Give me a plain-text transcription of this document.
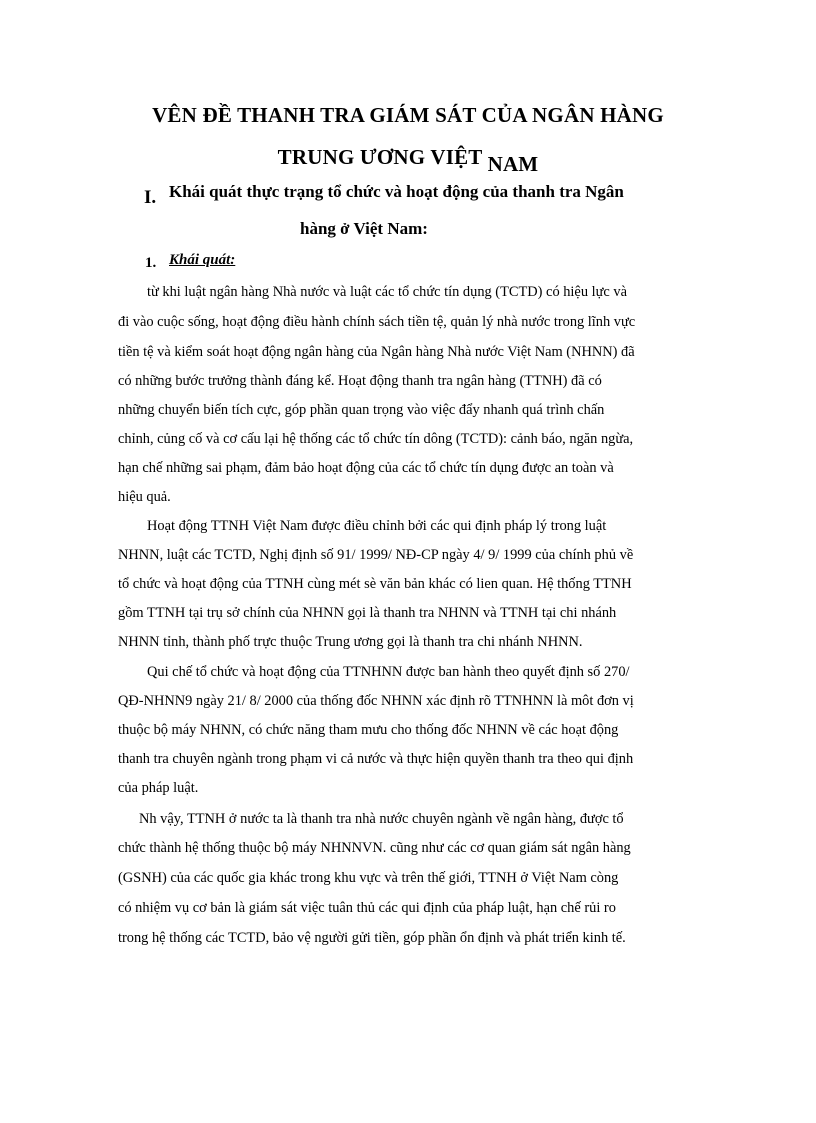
VÊN ĐỀ THANH TRA GIÁM SÁT CỦA NGÂN HÀNG
TRUNG ƯƠNG VIỆT NAM
I. Khái quát thực trạng tổ chức và hoạt động của thanh tra Ngân
hàng ở Việt Nam:
1. Khái quát:
từ khi luật ngân hàng Nhà nước và luật các tổ chức tín dụng (TCTD) có hiệu lực và
đi vào cuộc sống, hoạt động điều hành chính sách tiền tệ, quản lý nhà nước trong lĩnh vực
tiền tệ và kiểm soát hoạt động ngân hàng của Ngân hàng Nhà nước Việt Nam (NHNN) đã
có những bước trưởng thành đáng kể. Hoạt động thanh tra ngân hàng (TTNH) đã có
những chuyển biến tích cực, góp phần quan trọng vào việc đẩy nhanh quá trình chấn
chỉnh, củng cố và cơ cấu lại hệ thống các tổ chức tín dông (TCTD): cảnh báo, ngăn ngừa,
hạn chế những sai phạm, đảm bảo hoạt động của các tổ chức tín dụng được an toàn và
hiệu quả.
Hoạt động TTNH Việt Nam được điều chỉnh bởi các qui định pháp lý trong luật
NHNN, luật các TCTD, Nghị định số 91/ 1999/ NĐ-CP ngày 4/ 9/ 1999 của chính phủ về
tổ chức và hoạt động của TTNH cùng mét sè văn bản khác có lien quan. Hệ thống TTNH
gồm TTNH tại trụ sở chính của NHNN gọi là thanh tra NHNN và TTNH tại chi nhánh
NHNN tỉnh, thành phố trực thuộc Trung ương gọi là thanh tra chi nhánh NHNN.
Qui chế tổ chức và hoạt động của TTNHNN được ban hành theo quyết định số 270/
QĐ-NHNN9 ngày 21/ 8/ 2000 của thống đốc NHNN xác định rõ TTNHNN là môt đơn vị
thuộc bộ máy NHNN, có chức năng tham mưu cho thống đốc NHNN về các hoạt động
thanh tra chuyên ngành trong phạm vi cả nước và thực hiện quyền thanh tra theo qui định
của pháp luật.
Nh vậy, TTNH ở nước ta là thanh tra nhà nước chuyên ngành về ngân hàng, được tổ
chức thành hệ thống thuộc bộ máy NHNNVN. cũng như các cơ quan giám sát ngân hàng
(GSNH) của các quốc gia khác trong khu vực và trên thế giới, TTNH ở Việt Nam còng
có nhiệm vụ cơ bản là giám sát việc tuân thủ các qui định của pháp luật, hạn chế rủi ro
trong hệ thống các TCTD, bảo vệ người gửi tiền, góp phần ổn định và phát triển kinh tế.
